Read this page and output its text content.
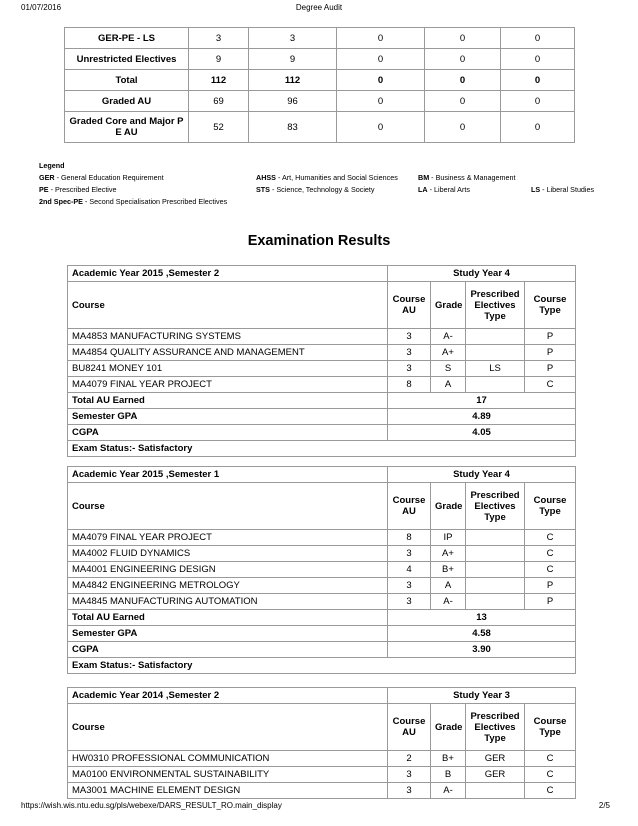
01/07/2016	Degree Audit
GER-PE - LS	3	3	0	0	0
Unrestricted Electives	9	9	0	0	0
Total	112	112	0	0	0
Graded AU	69	96	0	0	0
Graded Core and Major P E AU	52	83	0	0	0
Legend
GER - General Education Requirement	AHSS - Art, Humanities and Social Sciences	BM - Business & Management
PE - Prescribed Elective	STS - Science, Technology & Society	LA - Liberal Arts	LS - Liberal Studies
2nd Spec-PE - Second Specialisation Prescribed Electives
Examination Results
Academic Year 2015 ,Semester 2	Study Year 4			
Course	Course AU	Grade	Prescribed Electives Type	Course Type
MA4853 MANUFACTURING SYSTEMS	3	A-		P
MA4854 QUALITY ASSURANCE AND MANAGEMENT	3	A+		P
BU8241 MONEY 101	3	S	LS	P
MA4079 FINAL YEAR PROJECT	8	A		C
Total AU Earned	17			
Semester GPA	4.89			
CGPA	4.05			
Exam Status:- Satisfactory				
Academic Year 2015 ,Semester 1	Study Year 4			
Course	Course AU	Grade	Prescribed Electives Type	Course Type
MA4079 FINAL YEAR PROJECT	8	IP		C
MA4002 FLUID DYNAMICS	3	A+		C
MA4001 ENGINEERING DESIGN	4	B+		C
MA4842 ENGINEERING METROLOGY	3	A		P
MA4845 MANUFACTURING AUTOMATION	3	A-		P
Total AU Earned	13			
Semester GPA	4.58			
CGPA	3.90			
Exam Status:- Satisfactory				
Academic Year 2014 ,Semester 2	Study Year 3			
Course	Course AU	Grade	Prescribed Electives Type	Course Type
HW0310 PROFESSIONAL COMMUNICATION	2	B+	GER	C
MA0100 ENVIRONMENTAL SUSTAINABILITY	3	B	GER	C
MA3001 MACHINE ELEMENT DESIGN	3	A-		C
https://wish.wis.ntu.edu.sg/pls/webexe/DARS_RESULT_RO.main_display	2/5
